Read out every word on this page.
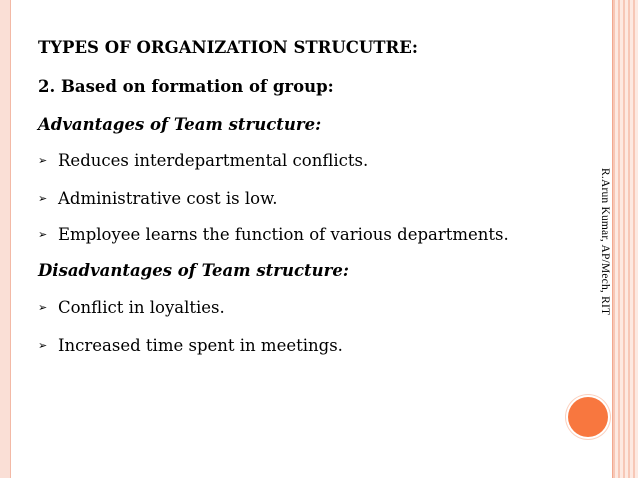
TYPES OF ORGANIZATION STRUCUTRE:
2. Based on formation of group:
Advantages of Team structure:
➢ Reduces interdepartmental conflicts.
➢ Administrative cost is low.
➢ Employee learns the function of various departments.
Disadvantages of Team structure:
➢ Conflict in loyalties.
➢ Increased time spent in meetings.
R.Arun Kumar, AP/Mech, RIT
